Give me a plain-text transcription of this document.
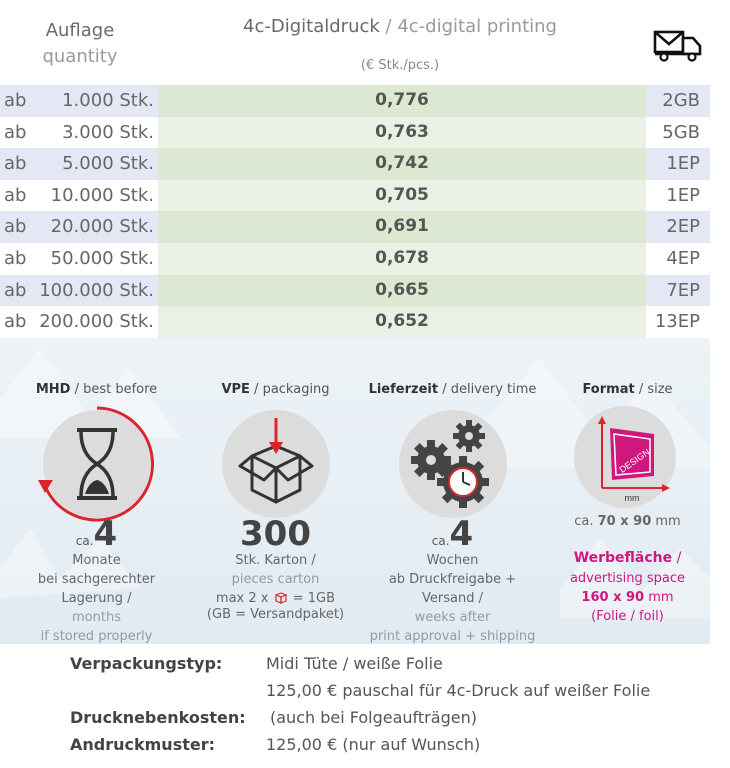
Auflage
quantity
4c-Digitaldruck / 4c-digital printing
(€ Stk./pcs.)
ab 1.000 Stk.	0,776	2GB
ab 3.000 Stk.	0,763	5GB
ab 5.000 Stk.	0,742	1EP
ab 10.000 Stk.	0,705	1EP
ab 20.000 Stk.	0,691	2EP
ab 50.000 Stk.	0,678	4EP
ab 100.000 Stk.	0,665	7EP
ab 200.000 Stk.	0,652	13EP
MHD / best before
ca.4
Monate
bei sachgerechter Lagerung /
months
if stored properly
VPE / packaging
300
Stk. Karton /
pieces carton
max 2 x = 1GB
(GB = Versandpaket)
Lieferzeit / delivery time
ca.4
Wochen
ab Druckfreigabe + Versand /
weeks after
print approval + shipping
Format / size
DESIGN
mm
ca. 70 x 90 mm
Werbefläche /
advertising space
160 x 90 mm
(Folie / foil)
Verpackungstyp:	Midi Tüte / weiße Folie
125,00 € pauschal für 4c-Druck auf weißer Folie
Drucknebenkosten: (auch bei Folgeaufträgen)
Andruckmuster:	125,00 € (nur auf Wunsch)
